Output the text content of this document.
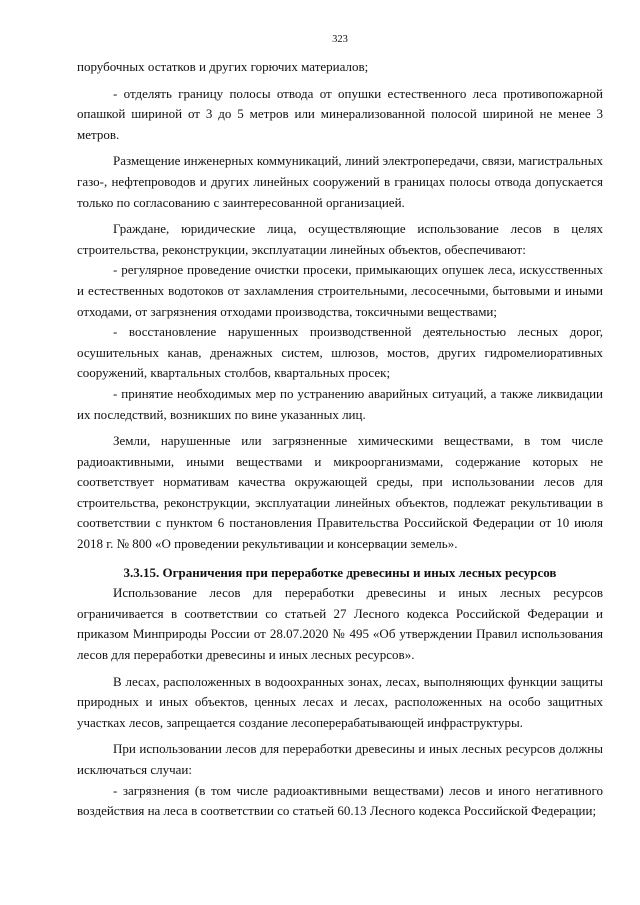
323

порубочных остатков и других горючих материалов;

- отделять границу полосы отвода от опушки естественного леса противопожарной опашкой шириной от 3 до 5 метров или минерализованной полосой шириной не менее 3 метров.

Размещение инженерных коммуникаций, линий электропередачи, связи, магистральных газо-, нефтепроводов и других линейных сооружений в границах полосы отвода допускается только по согласованию с заинтересованной организацией.

Граждане, юридические лица, осуществляющие использование лесов в целях строительства, реконструкции, эксплуатации линейных объектов, обеспечивают:

- регулярное проведение очистки просеки, примыкающих опушек леса, искусственных и естественных водотоков от захламления строительными, лесосечными, бытовыми и иными отходами, от загрязнения отходами производства, токсичными веществами;

- восстановление нарушенных производственной деятельностью лесных дорог, осушительных канав, дренажных систем, шлюзов, мостов, других гидромелиоративных сооружений, квартальных столбов, квартальных просек;

- принятие необходимых мер по устранению аварийных ситуаций, а также ликвидации их последствий, возникших по вине указанных лиц.

Земли, нарушенные или загрязненные химическими веществами, в том числе радиоактивными, иными веществами и микроорганизмами, содержание которых не соответствует нормативам качества окружающей среды, при использовании лесов для строительства, реконструкции, эксплуатации линейных объектов, подлежат рекультивации в соответствии с пунктом 6 постановления Правительства Российской Федерации от 10 июля 2018 г. № 800 «О проведении рекультивации и консервации земель».

3.3.15. Ограничения при переработке древесины и иных лесных ресурсов

Использование лесов для переработки древесины и иных лесных ресурсов ограничивается в соответствии со статьей 27 Лесного кодекса Российской Федерации и приказом Минприроды России от 28.07.2020 № 495 «Об утверждении Правил использования лесов для переработки древесины и иных лесных ресурсов».

В лесах, расположенных в водоохранных зонах, лесах, выполняющих функции защиты природных и иных объектов, ценных лесах и лесах, расположенных на особо защитных участках лесов, запрещается создание лесоперерабатывающей инфраструктуры.

При использовании лесов для переработки древесины и иных лесных ресурсов должны исключаться случаи:

- загрязнения (в том числе радиоактивными веществами) лесов и иного негативного воздействия на леса в соответствии со статьей 60.13 Лесного кодекса Российской Федерации;
